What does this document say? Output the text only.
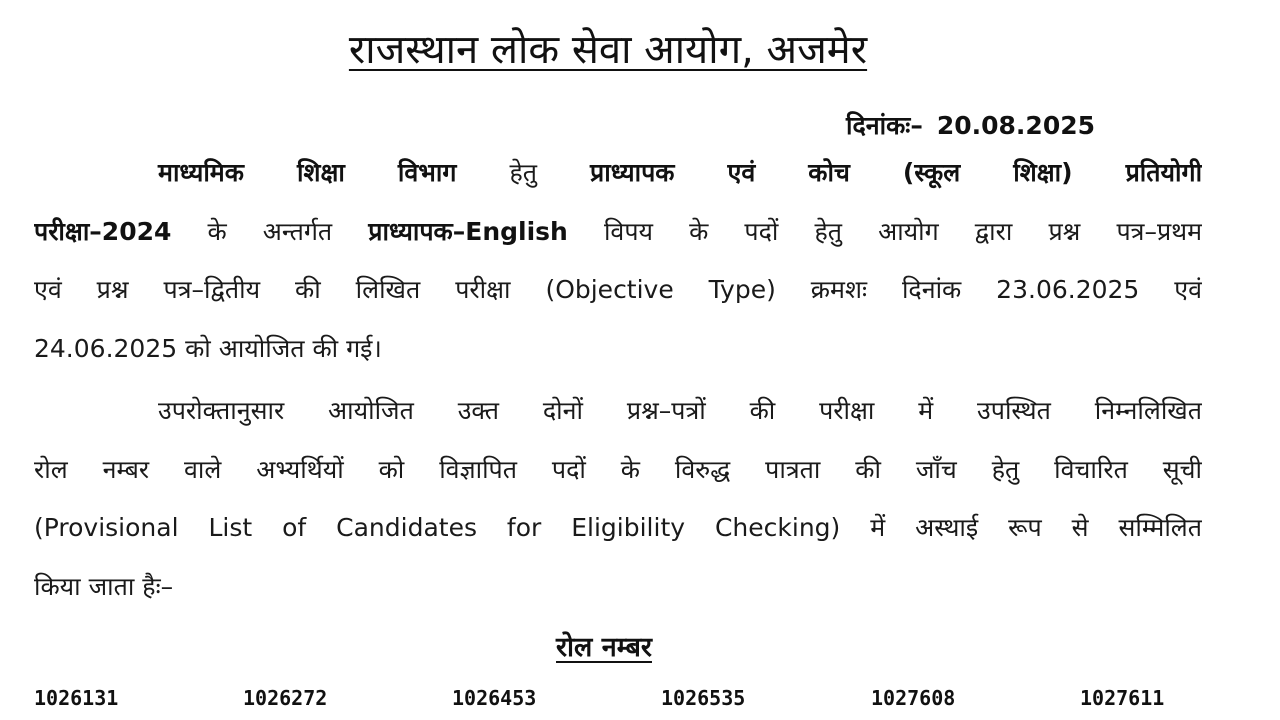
राजस्थान लोक सेवा आयोग, अजमेर
दिनांकः– 20.08.2025
माध्यमिक शिक्षा विभाग हेतु प्राध्यापक एवं कोच (स्कूल शिक्षा) प्रतियोगी
परीक्षा–2024 के अन्तर्गत प्राध्यापक–English विपय के पदों हेतु आयोग द्वारा प्रश्न पत्र–प्रथम
एवं प्रश्न पत्र–द्वितीय की लिखित परीक्षा (Objective Type) क्रमशः दिनांक 23.06.2025 एवं
24.06.2025 को आयोजित की गई।
उपरोक्तानुसार आयोजित उक्त दोनों प्रश्न–पत्रों की परीक्षा में उपस्थित निम्नलिखित
रोल नम्बर वाले अभ्यर्थियों को विज्ञापित पदों के विरुद्ध पात्रता की जाँच हेतु विचारित सूची
(Provisional List of Candidates for Eligibility Checking) में अस्थाई रूप से सम्मिलित
किया जाता हैः–
रोल नम्बर
1026131	1026272	1026453	1026535	1027608	1027611
